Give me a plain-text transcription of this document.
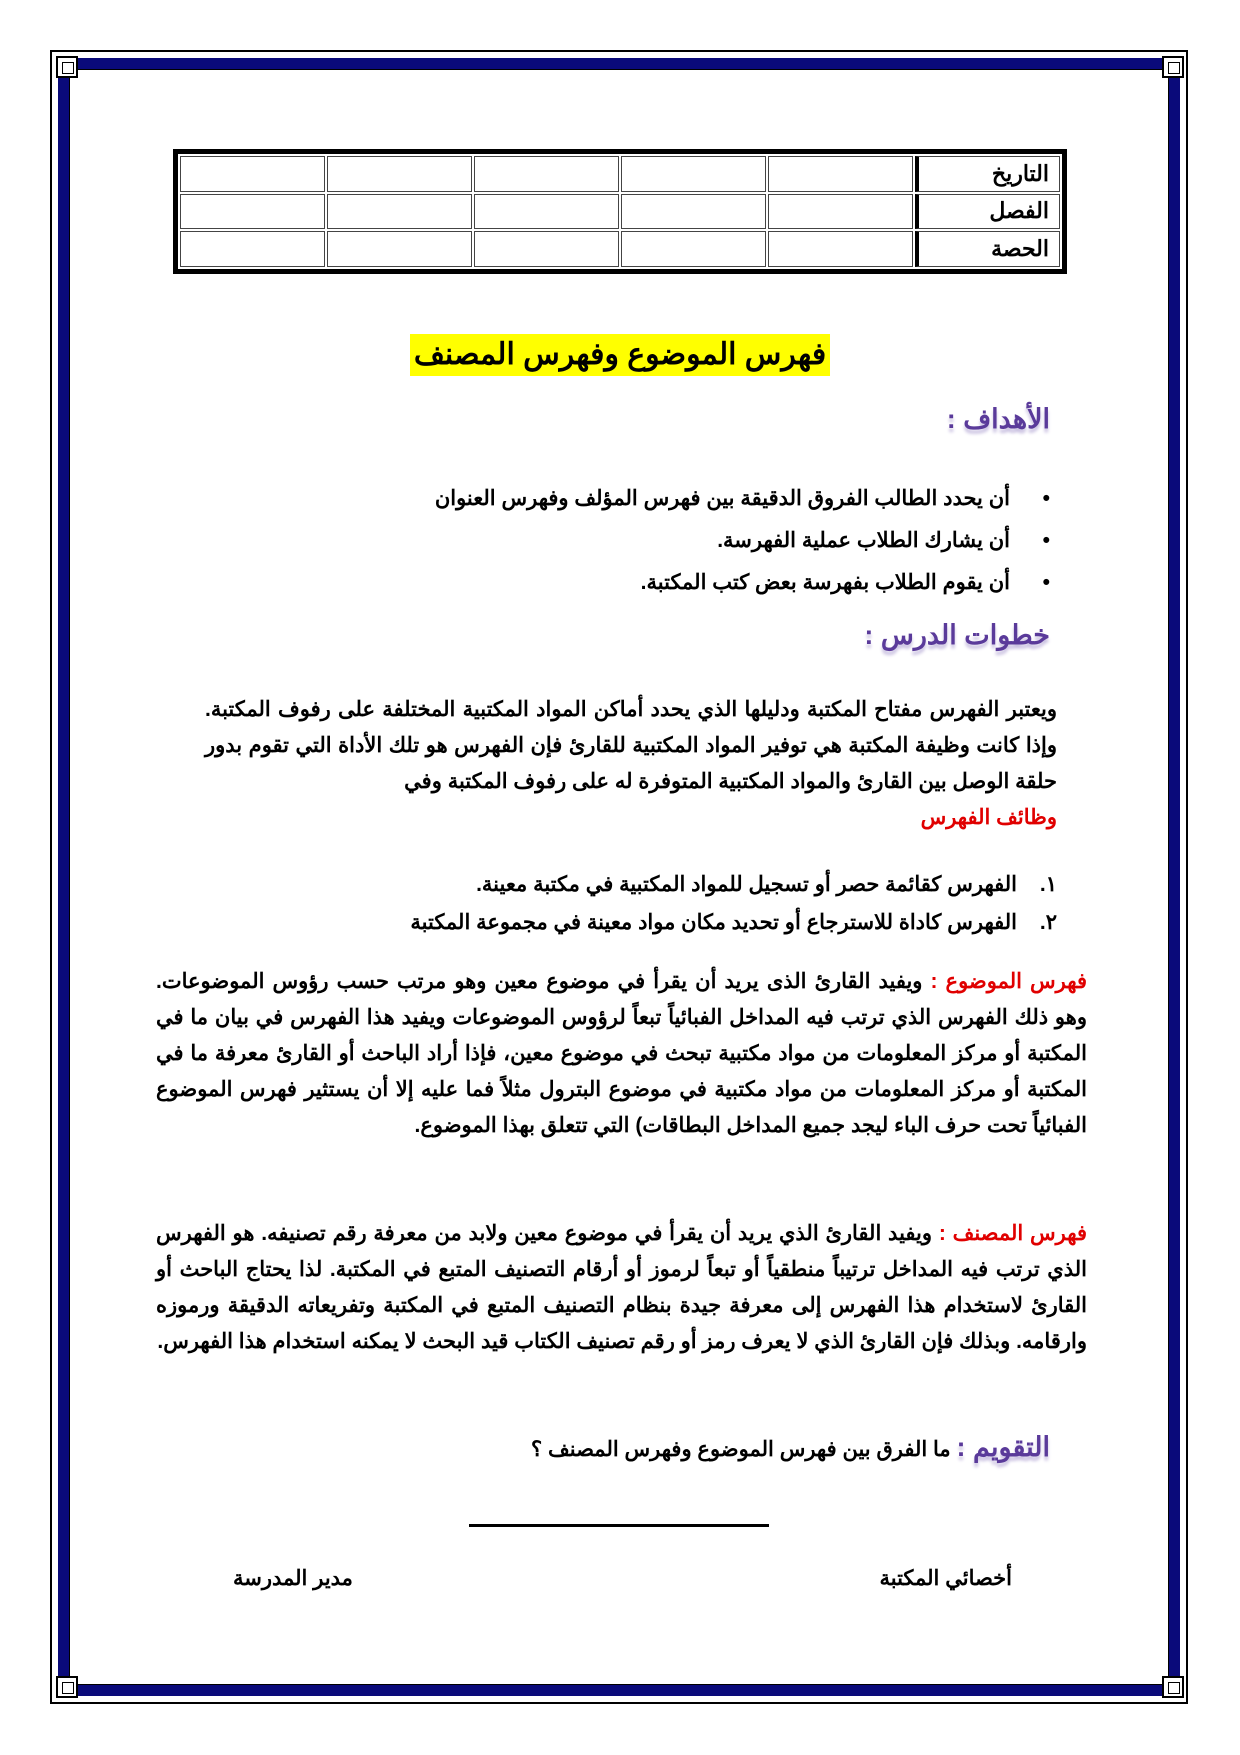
التاريخ					
الفصل					
الحصة					
فهرس الموضوع وفهرس المصنف
الأهداف :
• أن يحدد الطالب الفروق الدقيقة بين فهرس المؤلف وفهرس العنوان
• أن يشارك الطلاب عملية الفهرسة.
• أن يقوم الطلاب بفهرسة بعض كتب المكتبة.
خطوات الدرس :
ويعتبر الفهرس مفتاح المكتبة ودليلها الذي يحدد أماكن المواد المكتبية المختلفة على رفوف المكتبة. وإذا كانت وظيفة المكتبة هي توفير المواد المكتبية للقارئ فإن الفهرس هو تلك الأداة التي تقوم بدور حلقة الوصل بين القارئ والمواد المكتبية المتوفرة له على رفوف المكتبة وفي
وظائف الفهرس
١.الفهرس كقائمة حصر أو تسجيل للمواد المكتبية في مكتبة معينة.
٢.الفهرس كاداة للاسترجاع أو تحديد مكان مواد معينة في مجموعة المكتبة
فهرس الموضوع : ويفيد القارئ الذى يريد أن يقرأ في موضوع معين وهو مرتب حسب رؤوس الموضوعات. وهو ذلك الفهرس الذي ترتب فيه المداخل الفبائياً تبعاً لرؤوس الموضوعات ويفيد هذا الفهرس في بيان ما في المكتبة أو مركز المعلومات من مواد مكتبية تبحث في موضوع معين، فإذا أراد الباحث أو القارئ معرفة ما في المكتبة أو مركز المعلومات من مواد مكتبية في موضوع البترول مثلاً فما عليه إلا أن يستثير فهرس الموضوع الفبائياً تحت حرف الباء ليجد جميع المداخل البطاقات) التي تتعلق بهذا الموضوع.
فهرس المصنف : ويفيد القارئ الذي يريد أن يقرأ في موضوع معين ولابد من معرفة رقم تصنيفه. هو الفهرس الذي ترتب فيه المداخل ترتيباً منطقياً أو تبعاً لرموز أو أرقام التصنيف المتبع في المكتبة. لذا يحتاج الباحث أو القارئ لاستخدام هذا الفهرس إلى معرفة جيدة بنظام التصنيف المتبع في المكتبة وتفريعاته الدقيقة ورموزه وارقامه. وبذلك فإن القارئ الذي لا يعرف رمز أو رقم تصنيف الكتاب قيد البحث لا يمكنه استخدام هذا الفهرس.
التقويم : ما الفرق بين فهرس الموضوع وفهرس المصنف ؟
أخصائي المكتبة
مدير المدرسة
